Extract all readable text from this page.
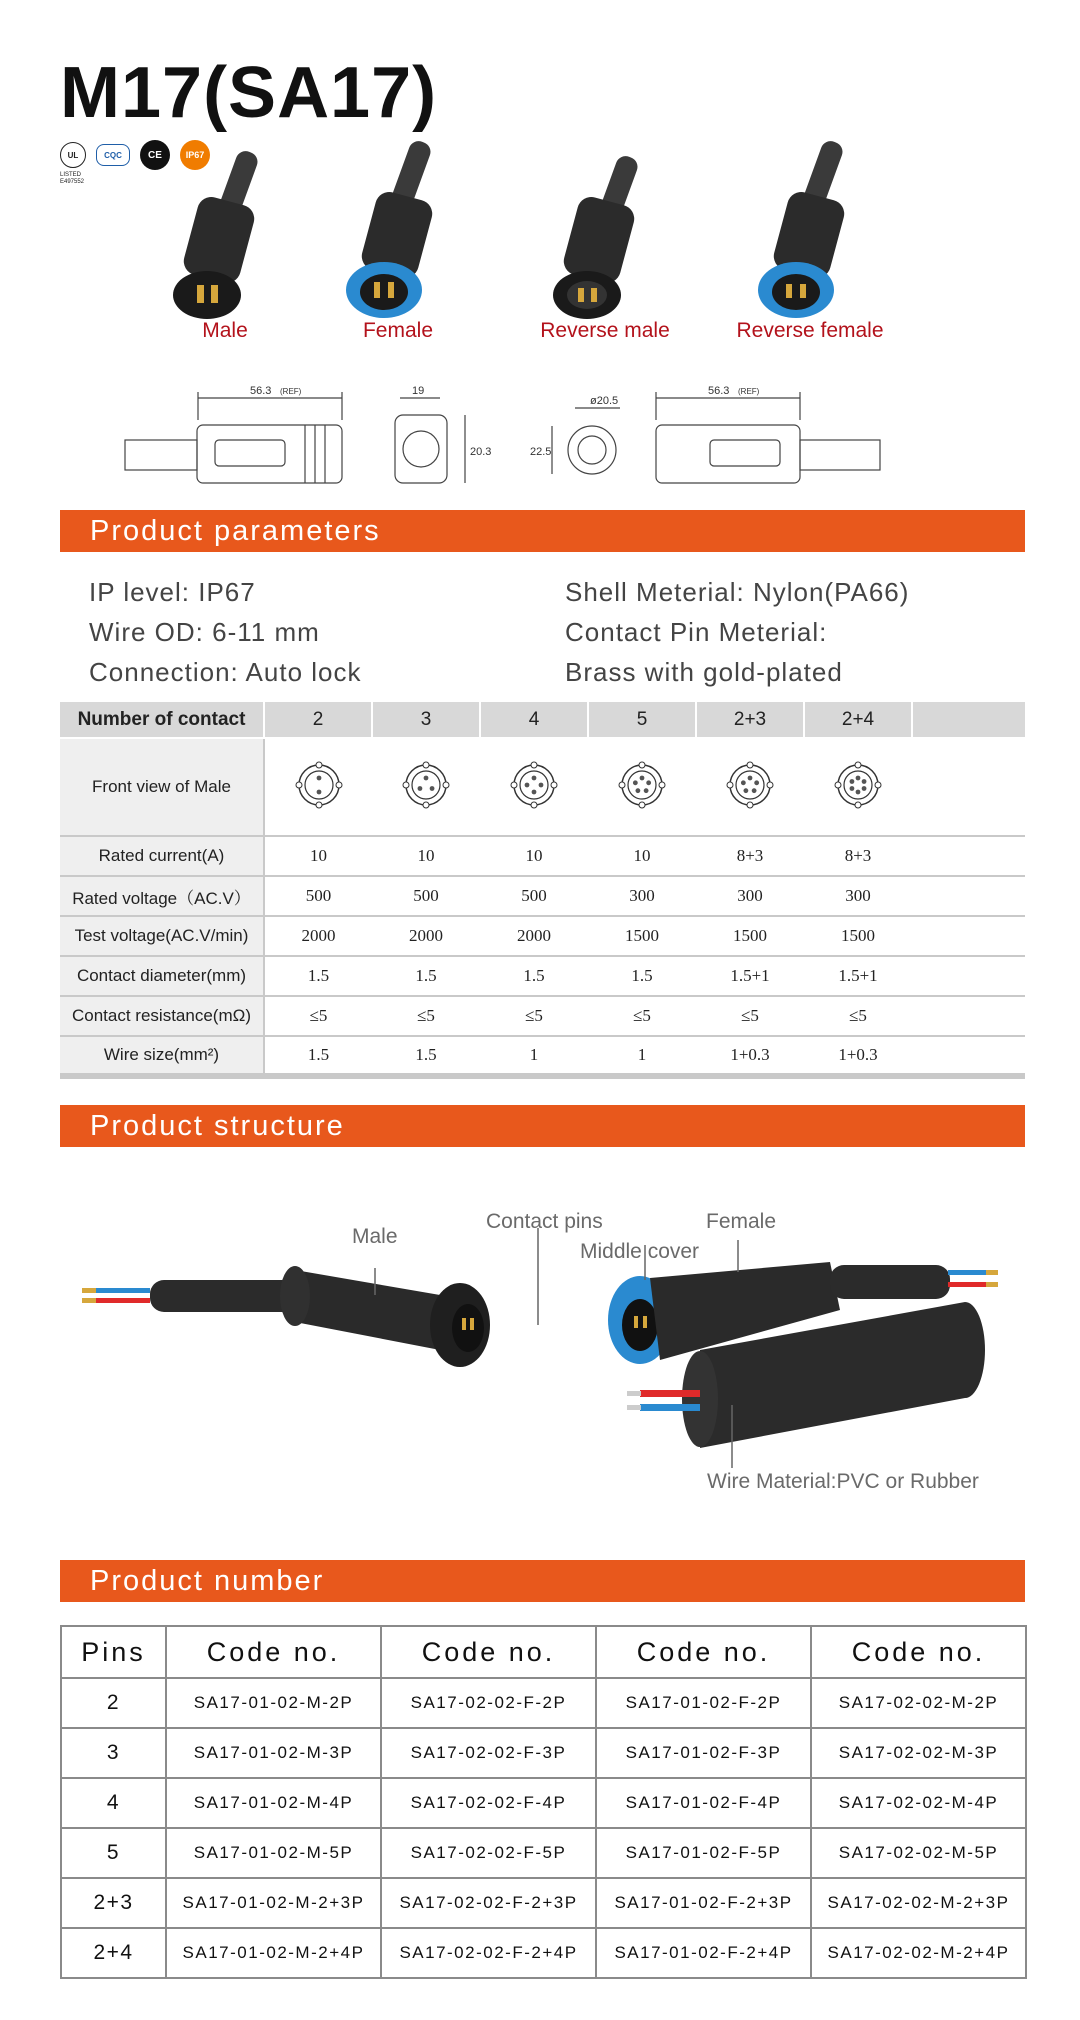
M17(SA17)
UL	CQC	CE	IP67
LISTED E497552
Male	Female	Reverse male	Reverse female
56.3 (REF)	19
20.3
ø20.5
22.5
56.3 (REF)
Product parameters
IP level: IP67
Wire OD: 6-11 mm
Connection: Auto lock
Shell Meterial: Nylon(PA66)
Contact Pin Meterial:
Brass with gold-plated
Number of contact	2	3	4	5	2+3	2+4	
Front view of Male							
Rated current(A)	10	10	10	10	8+3	8+3	
Rated voltage（AC.V）	500	500	500	300	300	300	
Test voltage(AC.V/min)	2000	2000	2000	1500	1500	1500	
Contact diameter(mm)	1.5	1.5	1.5	1.5	1.5+1	1.5+1	
Contact resistance(mΩ)	≤5	≤5	≤5	≤5	≤5	≤5	
Wire size(mm²)	1.5	1.5	1	1	1+0.3	1+0.3	
Product structure
Male
Contact pins
Middle cover
Female
Wire Material:PVC or Rubber
Product number
Pins	Code no.	Code no.	Code no.	Code no.
2	SA17-01-02-M-2P	SA17-02-02-F-2P	SA17-01-02-F-2P	SA17-02-02-M-2P
3	SA17-01-02-M-3P	SA17-02-02-F-3P	SA17-01-02-F-3P	SA17-02-02-M-3P
4	SA17-01-02-M-4P	SA17-02-02-F-4P	SA17-01-02-F-4P	SA17-02-02-M-4P
5	SA17-01-02-M-5P	SA17-02-02-F-5P	SA17-01-02-F-5P	SA17-02-02-M-5P
2+3	SA17-01-02-M-2+3P	SA17-02-02-F-2+3P	SA17-01-02-F-2+3P	SA17-02-02-M-2+3P
2+4	SA17-01-02-M-2+4P	SA17-02-02-F-2+4P	SA17-01-02-F-2+4P	SA17-02-02-M-2+4P
